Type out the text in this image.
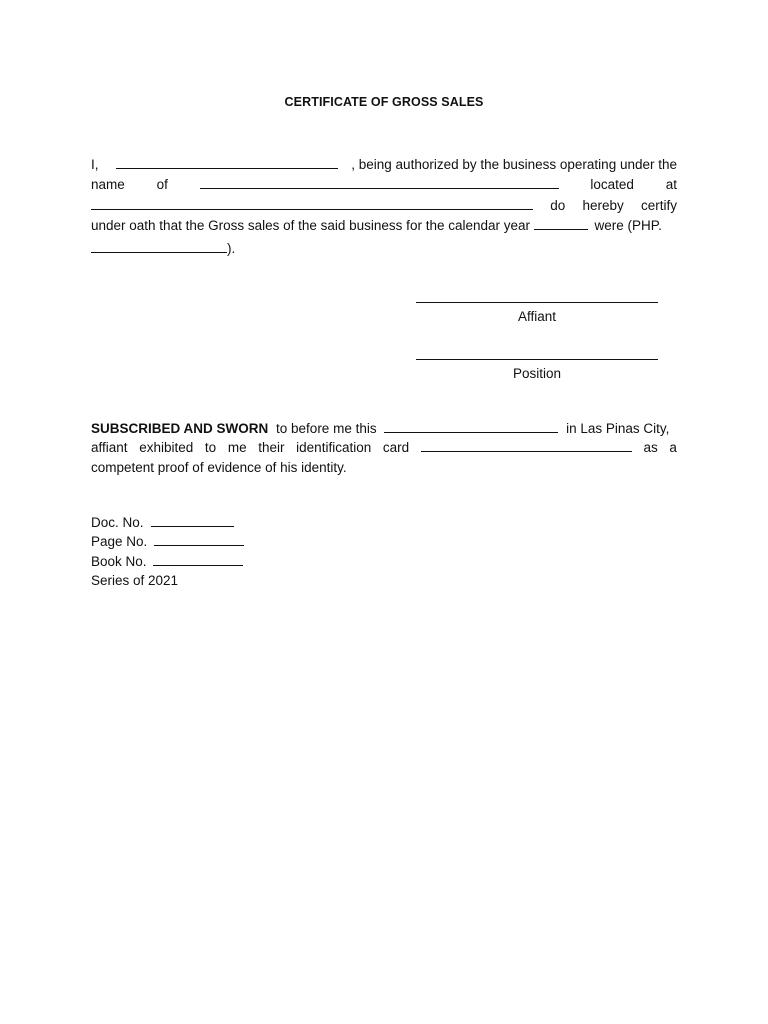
CERTIFICATE OF GROSS SALES
I,	, being authorized by the business operating under the
name of	located at
do hereby certify
under oath that the Gross sales of the said business for the calendar year	were (PHP.
).
Affiant
Position
SUBSCRIBED AND SWORN to before me this	in Las Pinas City,
affiant exhibited to me their identification card	as a
competent proof of evidence of his identity.
Doc. No.
Page No.
Book No.
Series of 2021
